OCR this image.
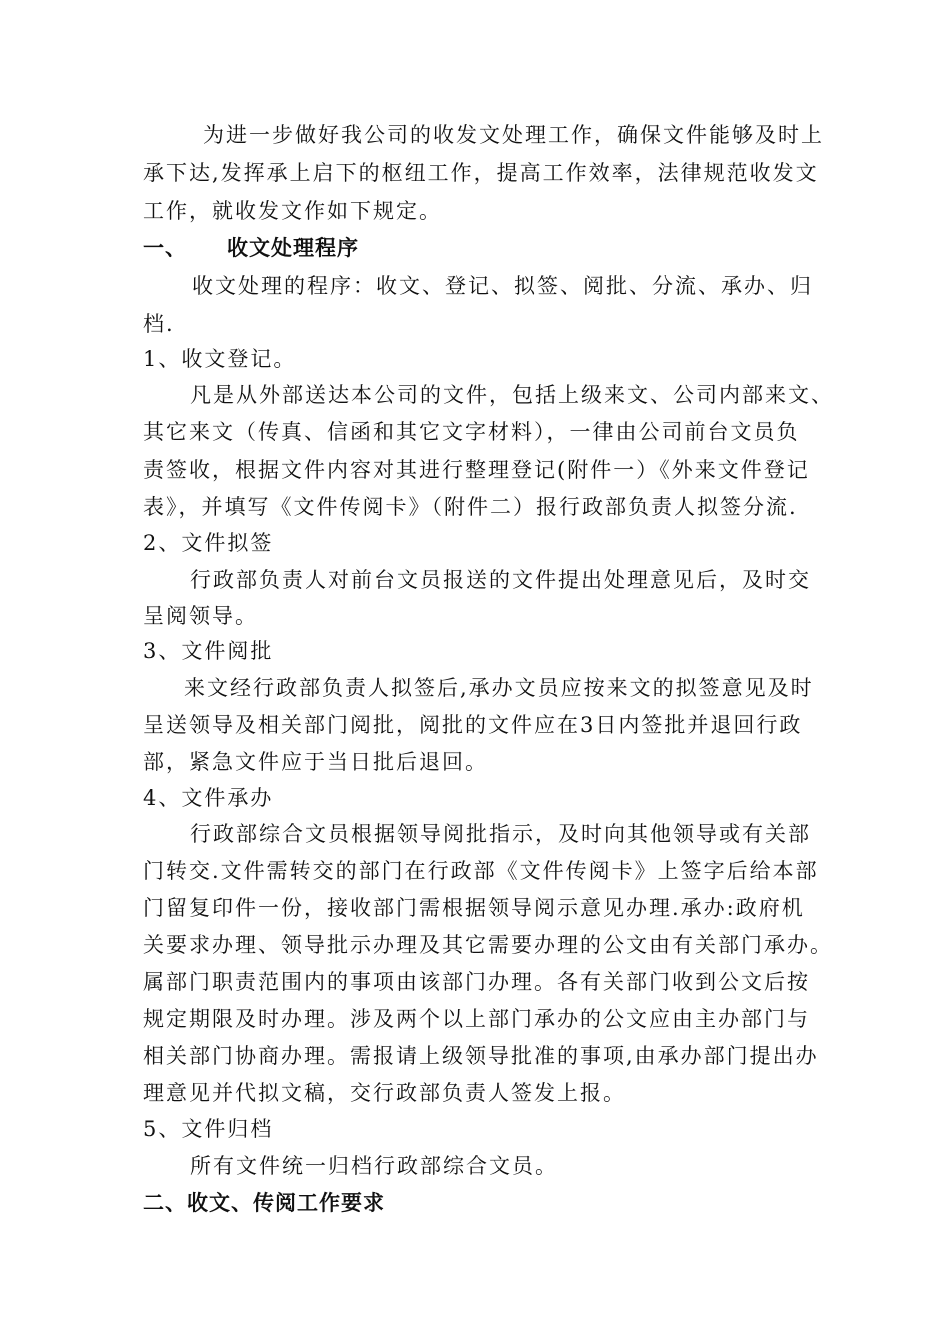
为进一步做好我公司的收发文处理工作，确保文件能够及时上
承下达,发挥承上启下的枢纽工作，提高工作效率，法律规范收发文
工作，就收发文作如下规定。
一、 收文处理程序
收文处理的程序：收文、登记、拟签、阅批、分流、承办、归
档.
1、收文登记。
凡是从外部送达本公司的文件，包括上级来文、公司内部来文、
其它来文（传真、信函和其它文字材料），一律由公司前台文员负
责签收，根据文件内容对其进行整理登记(附件一）《外来文件登记
表》，并填写《文件传阅卡》（附件二）报行政部负责人拟签分流.
2、文件拟签
行政部负责人对前台文员报送的文件提出处理意见后，及时交
呈阅领导。
3、文件阅批
来文经行政部负责人拟签后,承办文员应按来文的拟签意见及时
呈送领导及相关部门阅批，阅批的文件应在3日内签批并退回行政
部，紧急文件应于当日批后退回。
4、文件承办
行政部综合文员根据领导阅批指示，及时向其他领导或有关部
门转交.文件需转交的部门在行政部《文件传阅卡》上签字后给本部
门留复印件一份，接收部门需根据领导阅示意见办理.承办:政府机
关要求办理、领导批示办理及其它需要办理的公文由有关部门承办。
属部门职责范围内的事项由该部门办理。各有关部门收到公文后按
规定期限及时办理。涉及两个以上部门承办的公文应由主办部门与
相关部门协商办理。需报请上级领导批准的事项,由承办部门提出办
理意见并代拟文稿，交行政部负责人签发上报。
5、文件归档
所有文件统一归档行政部综合文员。
二、收文、传阅工作要求
